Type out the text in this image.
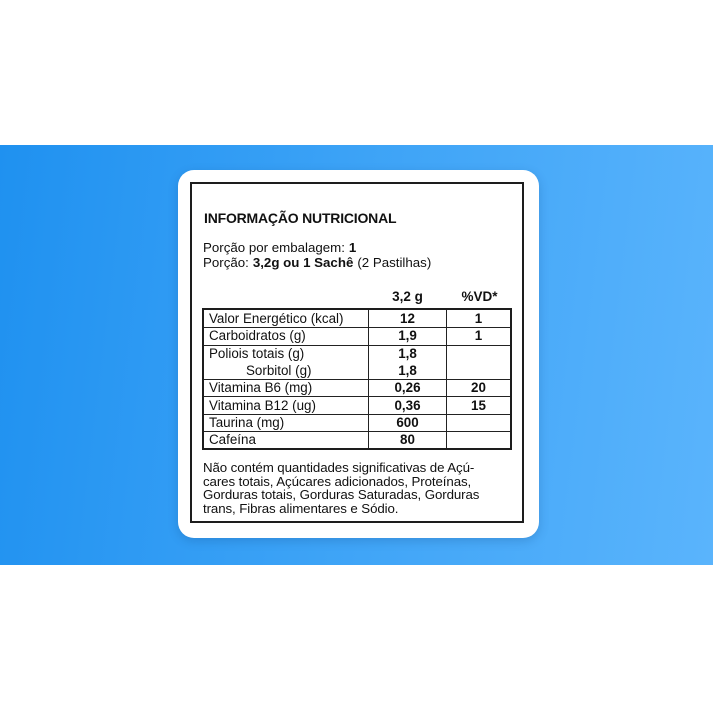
INFORMAÇÃO NUTRICIONAL
Porção por embalagem: 1
Porção: 3,2g ou 1 Sachê (2 Pastilhas)
3,2 g	%VD*
Valor Energético (kcal)	12	1
Carboidratos (g)	1,9	1
Poliois totais (g)	1,8
Sorbitol (g)	1,8
Vitamina B6 (mg)	0,26	20
Vitamina B12 (ug)	0,36	15
Taurina (mg)	600
Cafeína	80
Não contém quantidades significativas de Açú-
cares totais, Açúcares adicionados, Proteínas,
Gorduras totais, Gorduras Saturadas, Gorduras
trans, Fibras alimentares e Sódio.
